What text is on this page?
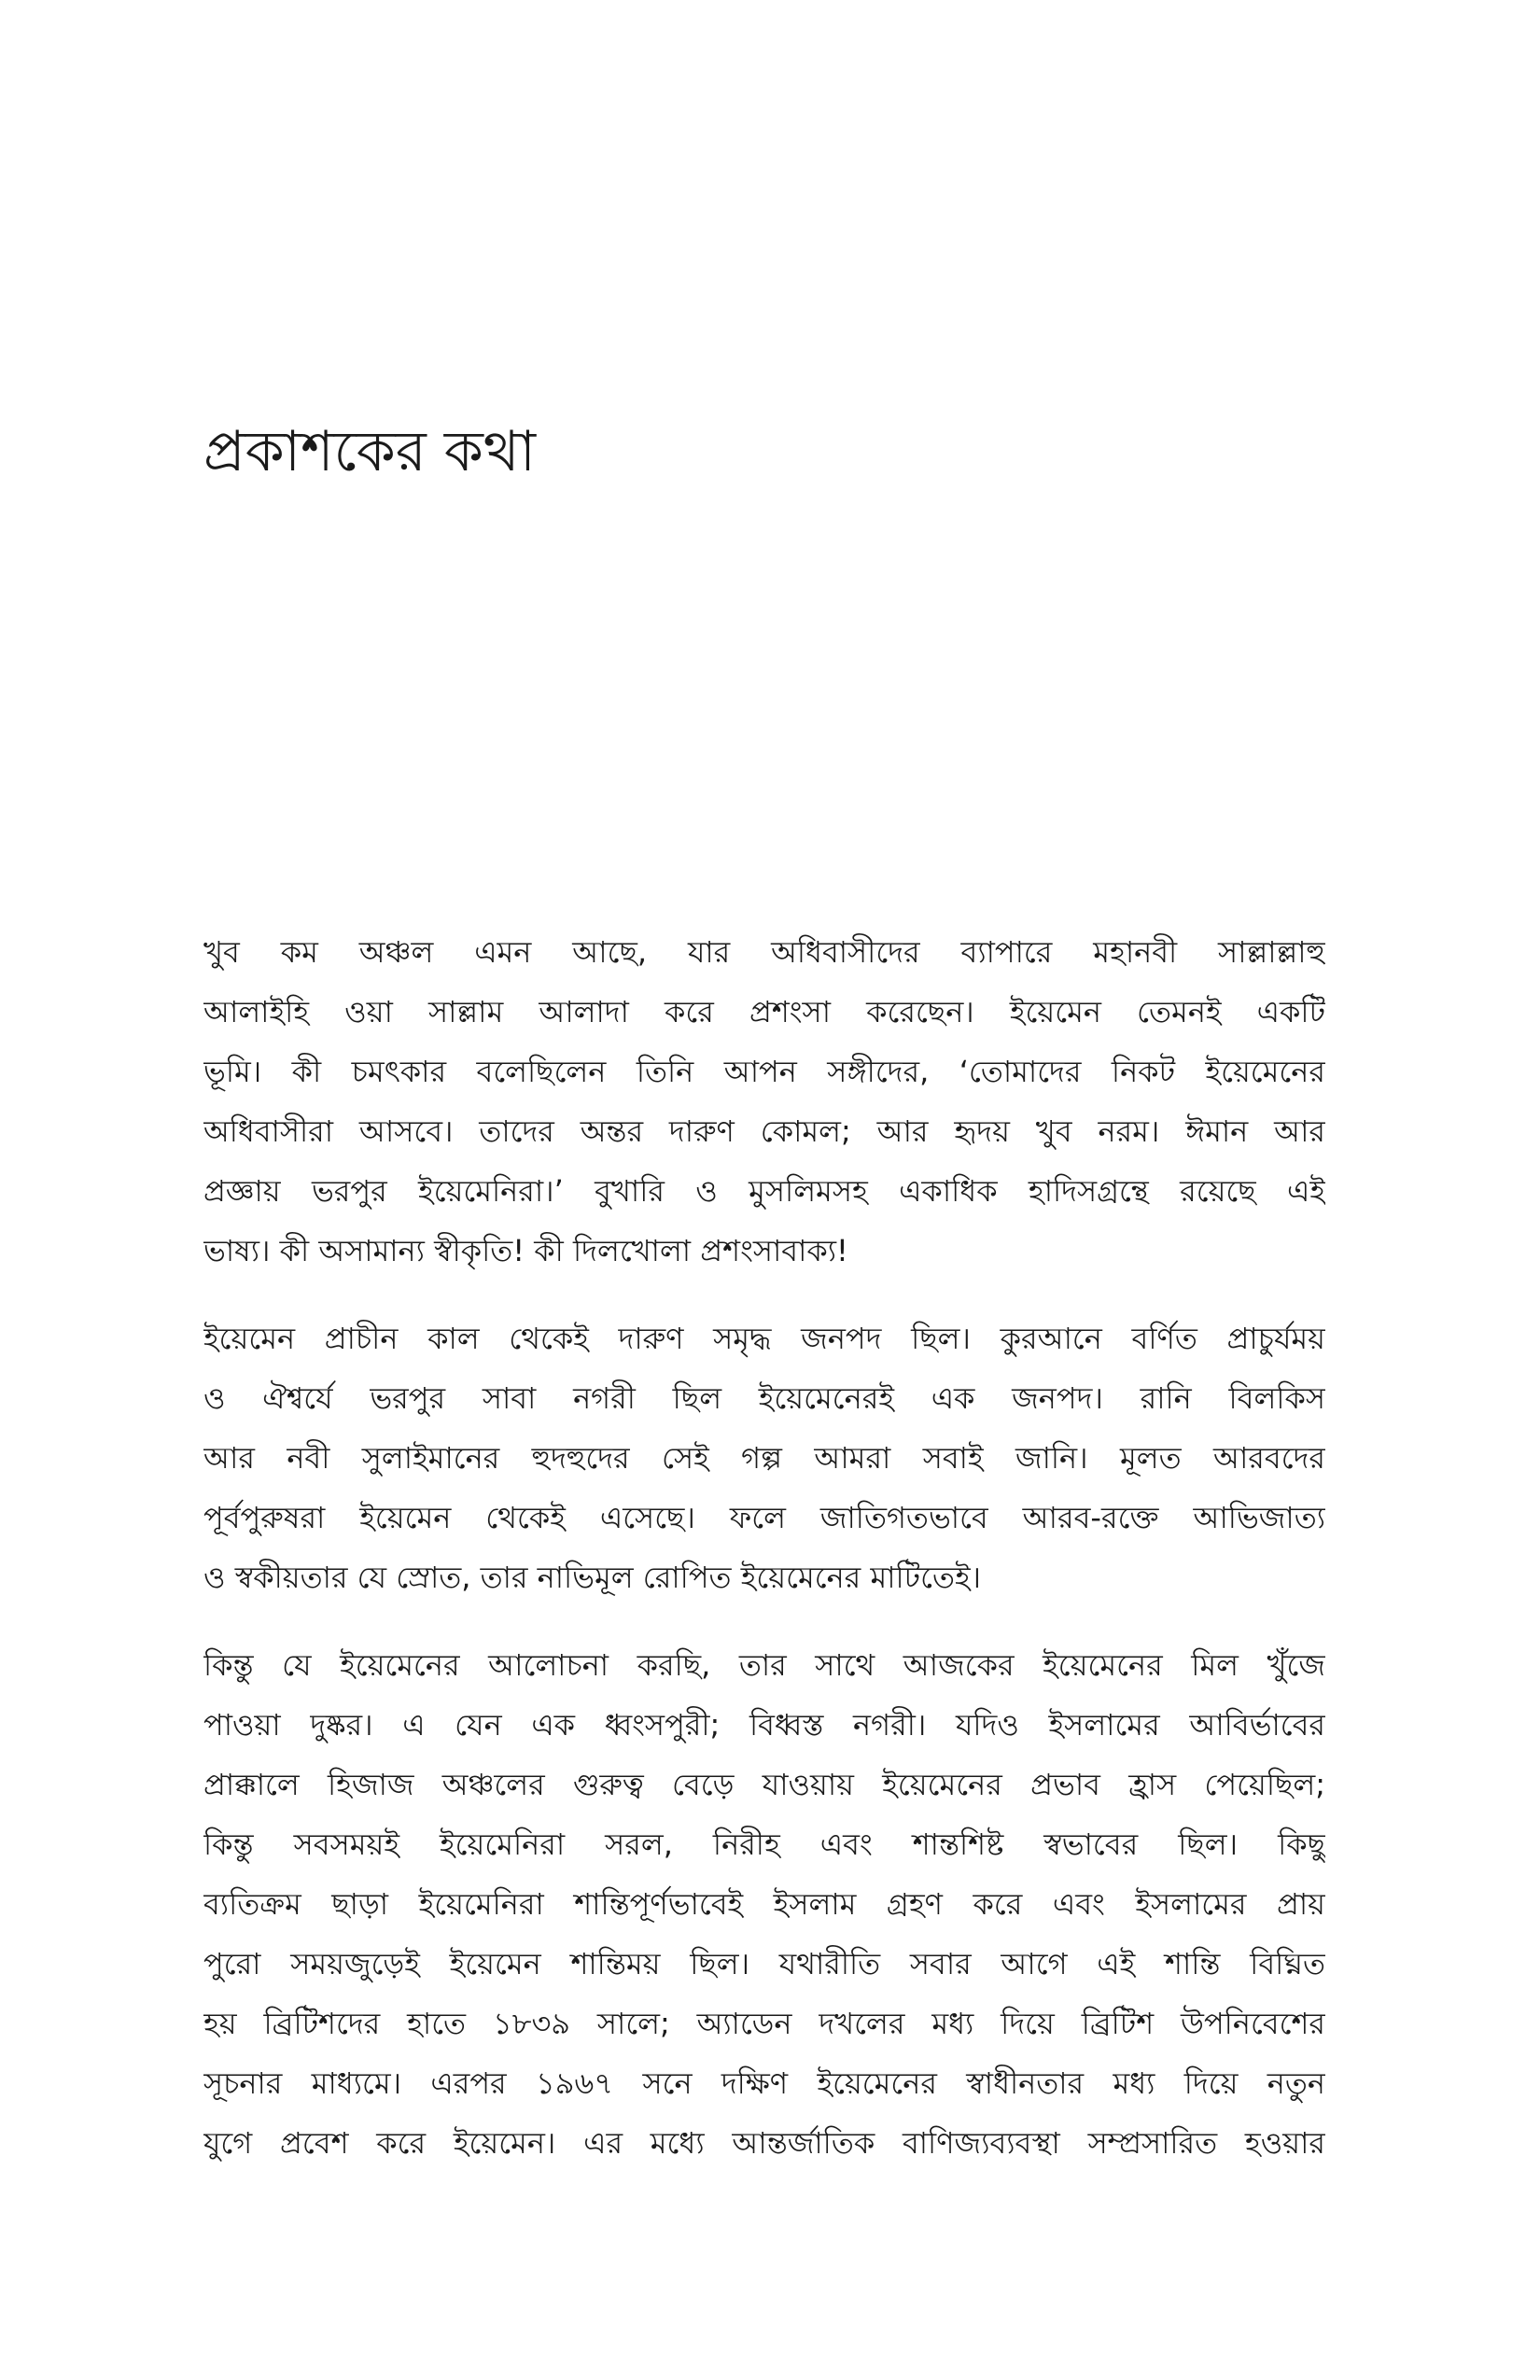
প্রকাশকের কথা

খুব কম অঞ্চল এমন আছে, যার অধিবাসীদের ব্যাপারে মহানবী সাল্লাল্লাহু
আলাইহি ওয়া সাল্লাম আলাদা করে প্রশংসা করেছেন। ইয়েমেন তেমনই একটি
ভূমি। কী চমৎকার বলেছিলেন তিনি আপন সঙ্গীদের, ‘তোমাদের নিকট ইয়েমেনের
অধিবাসীরা আসবে। তাদের অন্তর দারুণ কোমল; আর হৃদয় খুব নরম। ঈমান আর
প্রজ্ঞায় ভরপুর ইয়েমেনিরা।’ বুখারি ও মুসলিমসহ একাধিক হাদিসগ্রন্থে রয়েছে এই
ভাষ্য। কী অসামান্য স্বীকৃতি! কী দিলখোলা প্রশংসাবাক্য!

ইয়েমেন প্রাচীন কাল থেকেই দারুণ সমৃদ্ধ জনপদ ছিল। কুরআনে বর্ণিত প্রাচুর্যময়
ও ঐশ্বর্যে ভরপুর সাবা নগরী ছিল ইয়েমেনেরই এক জনপদ। রানি বিলকিস
আর নবী সুলাইমানের হুদহুদের সেই গল্প আমরা সবাই জানি। মূলত আরবদের
পূর্বপুরুষরা ইয়েমেন থেকেই এসেছে। ফলে জাতিগতভাবে আরব-রক্তে আভিজাত্য
ও স্বকীয়তার যে স্রোত, তার নাভিমূল রোপিত ইয়েমেনের মাটিতেই।

কিন্তু যে ইয়েমেনের আলোচনা করছি, তার সাথে আজকের ইয়েমেনের মিল খুঁজে
পাওয়া দুষ্কর। এ যেন এক ধ্বংসপুরী; বিধ্বস্ত নগরী। যদিও ইসলামের আবির্ভাবের
প্রাক্কালে হিজাজ অঞ্চলের গুরুত্ব বেড়ে যাওয়ায় ইয়েমেনের প্রভাব হ্রাস পেয়েছিল;
কিন্তু সবসময়ই ইয়েমেনিরা সরল, নিরীহ এবং শান্তশিষ্ট স্বভাবের ছিল। কিছু
ব্যতিক্রম ছাড়া ইয়েমেনিরা শান্তিপূর্ণভাবেই ইসলাম গ্রহণ করে এবং ইসলামের প্রায়
পুরো সময়জুড়েই ইয়েমেন শান্তিময় ছিল। যথারীতি সবার আগে এই শান্তি বিঘ্নিত
হয় ব্রিটিশদের হাতে ১৮৩৯ সালে; অ্যাডেন দখলের মধ্য দিয়ে ব্রিটিশ উপনিবেশের
সূচনার মাধ্যমে। এরপর ১৯৬৭ সনে দক্ষিণ ইয়েমেনের স্বাধীনতার মধ্য দিয়ে নতুন
যুগে প্রবেশ করে ইয়েমেন। এর মধ্যে আন্তর্জাতিক বাণিজ্যব্যবস্থা সম্প্রসারিত হওয়ার
